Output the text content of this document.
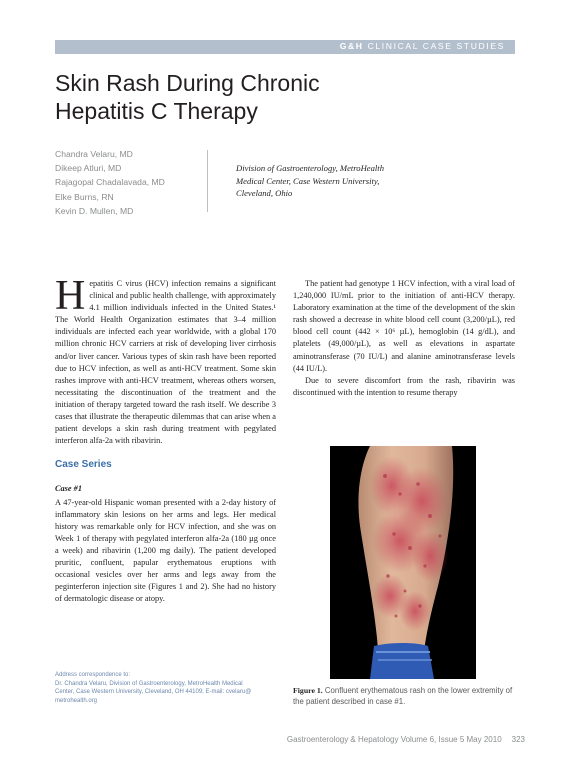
G&H CLINICAL CASE STUDIES
Skin Rash During Chronic
Hepatitis C Therapy
Chandra Velaru, MD
Dikeep Atluri, MD
Rajagopal Chadalavada, MD
Elke Burns, RN
Kevin D. Mullen, MD
Division of Gastroenterology, MetroHealth
Medical Center, Case Western University,
Cleveland, Ohio

Hepatitis C virus (HCV) infection remains a significant clinical and public health challenge, with approximately 4.1 million individuals infected in the United States.¹ The World Health Organization estimates that 3–4 million individuals are infected each year worldwide, with a global 170 million chronic HCV carriers at risk of developing liver cirrhosis and/or liver cancer. Various types of skin rash have been reported due to HCV infection, as well as anti-HCV treatment. Some skin rashes improve with anti-HCV treatment, whereas others worsen, necessitating the discontinuation of the treatment and the initiation of therapy targeted toward the rash itself. We describe 3 cases that illustrate the therapeutic dilemmas that can arise when a patient develops a skin rash during treatment with pegylated interferon alfa-2a with ribavirin.

Case Series

Case #1

A 47-year-old Hispanic woman presented with a 2-day history of inflammatory skin lesions on her arms and legs. Her medical history was remarkable only for HCV infection, and she was on Week 1 of therapy with pegylated interferon alfa-2a (180 µg once a week) and ribavirin (1,200 mg daily). The patient developed pruritic, confluent, papular erythematous eruptions with occasional vesicles over her arms and legs away from the peginterferon injection site (Figures 1 and 2). She had no history of dermatologic disease or atopy.

The patient had genotype 1 HCV infection, with a viral load of 1,240,000 IU/mL prior to the initiation of anti-HCV therapy. Laboratory examination at the time of the development of the skin rash showed a decrease in white blood cell count (3,200/µL), red blood cell count (442 × 10⁶ µL), hemoglobin (14 g/dL), and platelets (49,000/µL), as well as elevations in aspartate aminotransferase (70 IU/L) and alanine aminotransferase levels (44 IU/L).

Due to severe discomfort from the rash, ribavirin was discontinued with the intention to resume therapy

Address correspondence to:
Dr. Chandra Velaru, Division of Gastroenterology, MetroHealth Medical
Center, Case Western University, Cleveland, OH 44109; E-mail: cvelaru@
metrohealth.org
Figure 1. Confluent erythematous rash on the lower extremity of the patient described in case #1.
Gastroenterology & Hepatology Volume 6, Issue 5 May 2010 323
